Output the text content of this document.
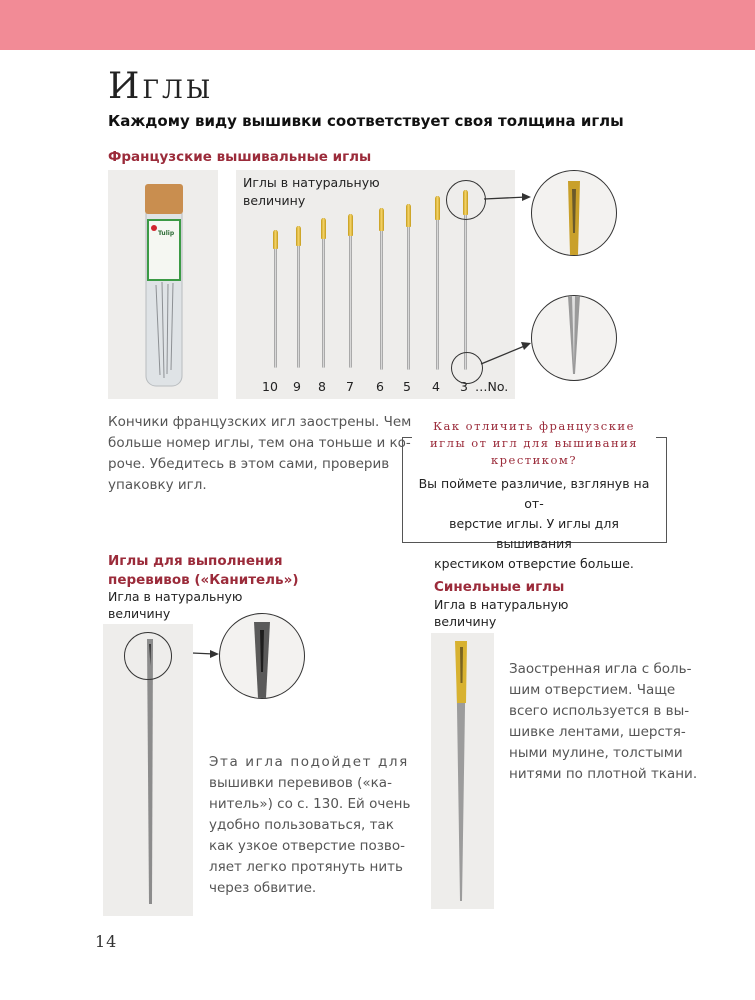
Иглы
Каждому виду вышивки соответствует своя толщина иглы
Французские вышивальные иглы
Tulip
Иглы в натуральную
величину
10 9 8 7 6 5 4 3 …No.
Кончики французских игл заострены. Чем
больше номер иглы, тем она тоньше и ко-
роче. Убедитесь в этом сами, проверив
упаковку игл.
Как отличить французские
иглы от игл для вышивания
крестиком?
Вы поймете различие, взглянув на от-
верстие иглы. У иглы для вышивания
крестиком отверстие больше.
Иглы для выполнения
перевивов («Канитель»)
Игла в натуральную
величину
Эта игла подойдет для
вышивки перевивов («ка-
нитель») со с. 130. Ей очень
удобно пользоваться, так
как узкое отверстие позво-
ляет легко протянуть нить
через обвитие.
Синельные иглы
Игла в натуральную
величину
Заостренная игла с боль-
шим отверстием. Чаще
всего используется в вы-
шивке лентами, шерстя-
ными мулине, толстыми
нитями по плотной ткани.
14
